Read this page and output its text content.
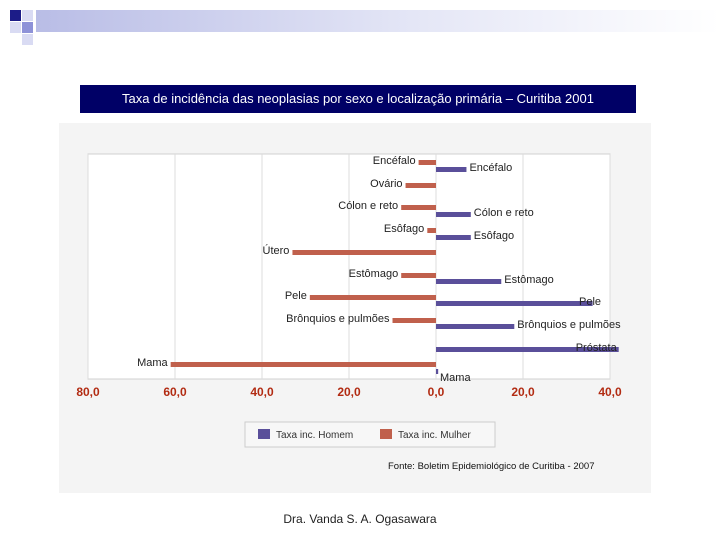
Taxa de incidência das neoplasias por sexo e localização primária – Curitiba 2001
80,0	60,0	40,0	20,0	0,0	20,0	40,0
Encéfalo
Ovário
Cólon e reto
Esôfago
Útero
Estômago
Pele
Brônquios e pulmões
Mama
Encéfalo
Cólon e reto
Esôfago
Estômago
Pele
Brônquios e pulmões
Próstata
Mama
Taxa inc. Homem	Taxa inc. Mulher
Fonte: Boletim Epidemiológico de Curitiba - 2007
Dra. Vanda S. A. Ogasawara
